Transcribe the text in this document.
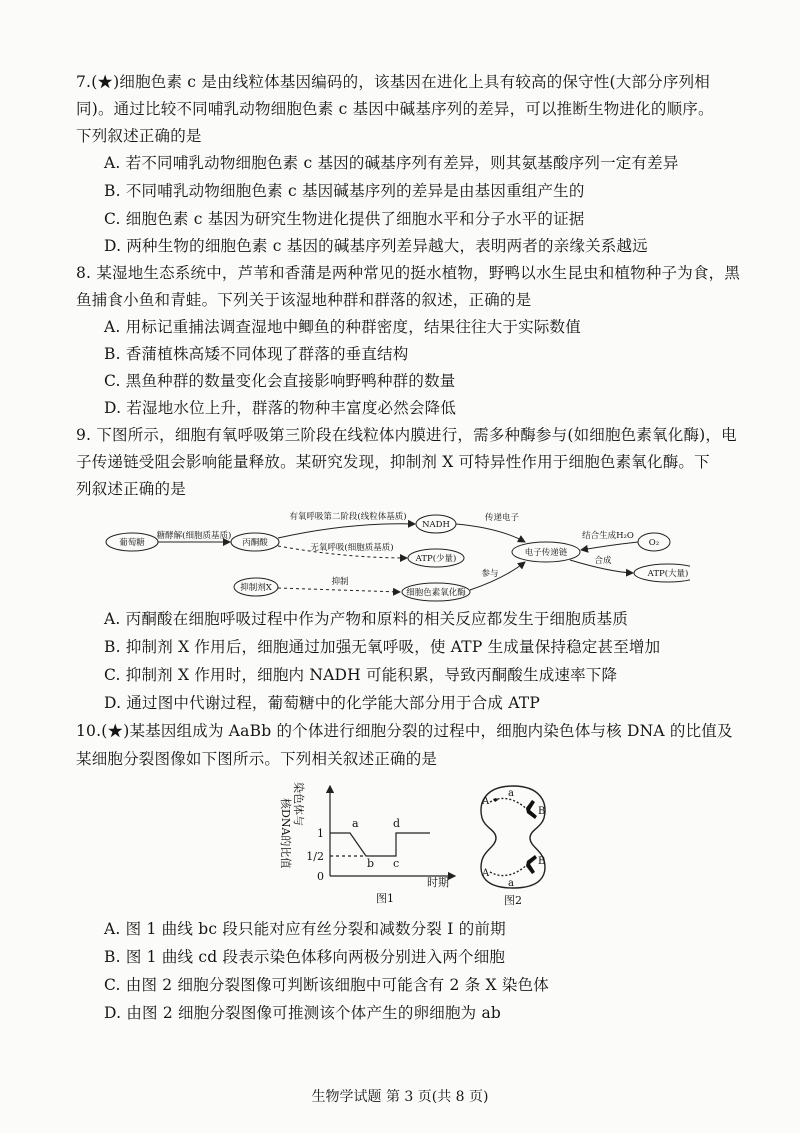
7.(★)细胞色素 c 是由线粒体基因编码的，该基因在进化上具有较高的保守性(大部分序列相
同)。通过比较不同哺乳动物细胞色素 c 基因中碱基序列的差异，可以推断生物进化的顺序。
下列叙述正确的是
A. 若不同哺乳动物细胞色素 c 基因的碱基序列有差异，则其氨基酸序列一定有差异
B. 不同哺乳动物细胞色素 c 基因碱基序列的差异是由基因重组产生的
C. 细胞色素 c 基因为研究生物进化提供了细胞水平和分子水平的证据
D. 两种生物的细胞色素 c 基因的碱基序列差异越大，表明两者的亲缘关系越远
8. 某湿地生态系统中，芦苇和香蒲是两种常见的挺水植物，野鸭以水生昆虫和植物种子为食，黑
鱼捕食小鱼和青蛙。下列关于该湿地种群和群落的叙述，正确的是
A. 用标记重捕法调查湿地中鲫鱼的种群密度，结果往往大于实际数值
B. 香蒲植株高矮不同体现了群落的垂直结构
C. 黑鱼种群的数量变化会直接影响野鸭种群的数量
D. 若湿地水位上升，群落的物种丰富度必然会降低
9. 下图所示，细胞有氧呼吸第三阶段在线粒体内膜进行，需多种酶参与(如细胞色素氧化酶)，电
子传递链受阻会影响能量释放。某研究发现，抑制剂 X 可特异性作用于细胞色素氧化酶。下
列叙述正确的是
葡萄糖
糖酵解(细胞质基质)
丙酮酸
有氧呼吸第二阶段(线粒体基质)
NADH
无氧呼吸(细胞质基质)
ATP(少量)
传递电子
结合生成H₂O
O₂
电子传递链
合成
ATP(大量)
参与
抑制剂X
抑制
细胞色素氧化酶
A. 丙酮酸在细胞呼吸过程中作为产物和原料的相关反应都发生于细胞质基质
B. 抑制剂 X 作用后，细胞通过加强无氧呼吸，使 ATP 生成量保持稳定甚至增加
C. 抑制剂 X 作用时，细胞内 NADH 可能积累，导致丙酮酸生成速率下降
D. 通过图中代谢过程，葡萄糖中的化学能大部分用于合成 ATP
10.(★)某基因组成为 AaBb 的个体进行细胞分裂的过程中，细胞内染色体与核 DNA 的比值及
某细胞分裂图像如下图所示。下列相关叙述正确的是
染色体与
核DNA的比值 1
1/2
0
a
b c
d
时期
图1
A
a
B
A
a
B
图2
A. 图 1 曲线 bc 段只能对应有丝分裂和减数分裂 Ⅰ 的前期
B. 图 1 曲线 cd 段表示染色体移向两极分别进入两个细胞
C. 由图 2 细胞分裂图像可判断该细胞中可能含有 2 条 X 染色体
D. 由图 2 细胞分裂图像可推测该个体产生的卵细胞为 ab
生物学试题 第 3 页(共 8 页)
